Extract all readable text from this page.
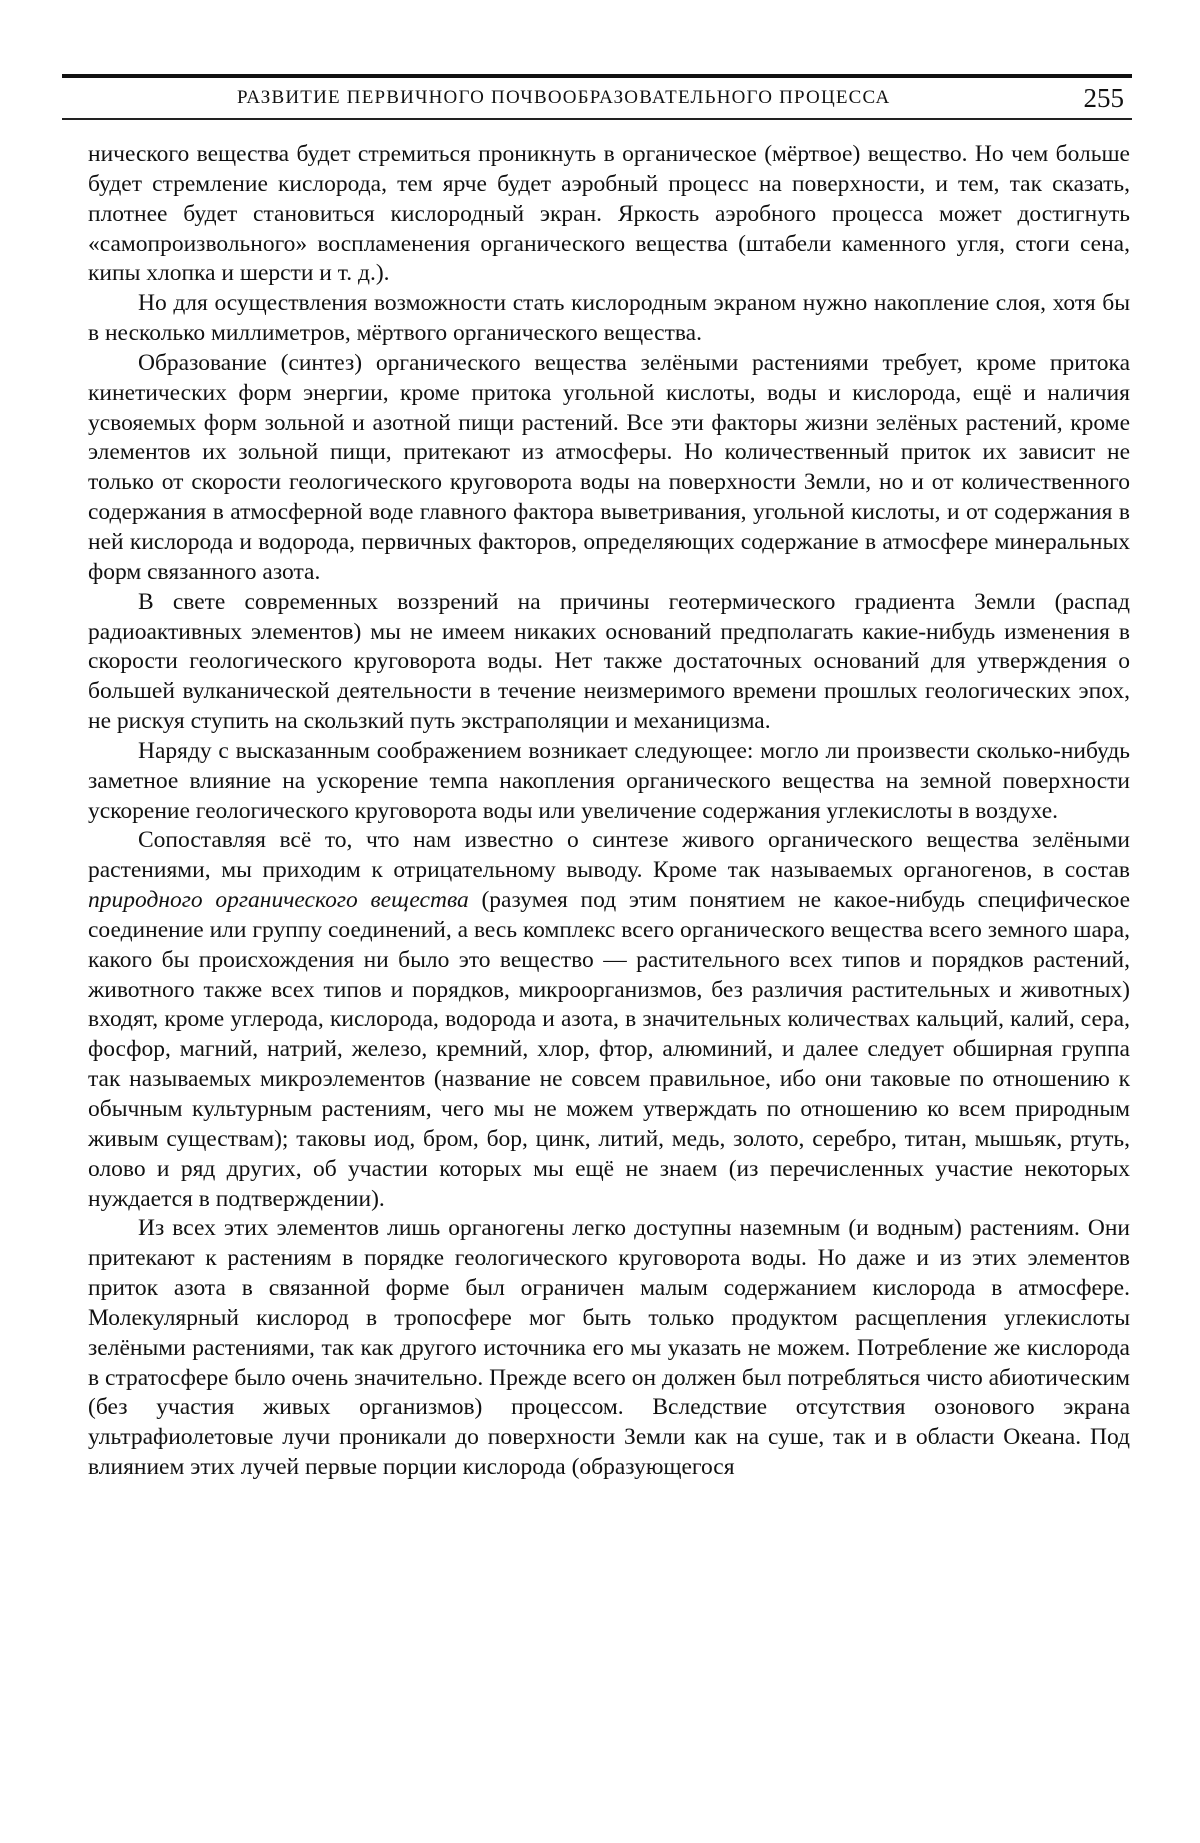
РАЗВИТИЕ ПЕРВИЧНОГО ПОЧВООБРАЗОВАТЕЛЬНОГО ПРОЦЕССА	255

нического вещества будет стремиться проникнуть в органическое (мёртвое) вещество. Но чем больше будет стремление кислорода, тем ярче будет аэробный процесс на поверхности, и тем, так сказать, плотнее будет становиться кислородный экран. Яркость аэробного процесса может достигнуть «самопроизвольного» воспламенения органического вещества (штабели каменного угля, стоги сена, кипы хлопка и шерсти и т. д.).

Но для осуществления возможности стать кислородным экраном нужно накопление слоя, хотя бы в несколько миллиметров, мёртвого органического вещества.

Образование (синтез) органического вещества зелёными растениями требует, кроме притока кинетических форм энергии, кроме притока угольной кислоты, воды и кислорода, ещё и наличия усвояемых форм зольной и азотной пищи растений. Все эти факторы жизни зелёных растений, кроме элементов их зольной пищи, притекают из атмосферы. Но количественный приток их зависит не только от скорости геологического круговорота воды на поверхности Земли, но и от количественного содержания в атмосферной воде главного фактора выветривания, угольной кислоты, и от содержания в ней кислорода и водорода, первичных факторов, определяющих содержание в атмосфере минеральных форм связанного азота.

В свете современных воззрений на причины геотермического градиента Земли (распад радиоактивных элементов) мы не имеем никаких оснований предполагать какие-нибудь изменения в скорости геологического круговорота воды. Нет также достаточных оснований для утверждения о большей вулканической деятельности в течение неизмеримого времени прошлых геологических эпох, не рискуя ступить на скользкий путь экстраполяции и механицизма.

Наряду с высказанным соображением возникает следующее: могло ли произвести сколько-нибудь заметное влияние на ускорение темпа накопления органического вещества на земной поверхности ускорение геологического круговорота воды или увеличение содержания углекислоты в воздухе.

Сопоставляя всё то, что нам известно о синтезе живого органического вещества зелёными растениями, мы приходим к отрицательному выводу. Кроме так называемых органогенов, в состав природного органического вещества (разумея под этим понятием не какое-нибудь специфическое соединение или группу соединений, а весь комплекс всего органического вещества всего земного шара, какого бы происхождения ни было это вещество — растительного всех типов и порядков растений, животного также всех типов и порядков, микроорганизмов, без различия растительных и животных) входят, кроме углерода, кислорода, водорода и азота, в значительных количествах кальций, калий, сера, фосфор, магний, натрий, железо, кремний, хлор, фтор, алюминий, и далее следует обширная группа так называемых микроэлементов (название не совсем правильное, ибо они таковые по отношению к обычным культурным растениям, чего мы не можем утверждать по отношению ко всем природным живым существам); таковы иод, бром, бор, цинк, литий, медь, золото, серебро, титан, мышьяк, ртуть, олово и ряд других, об участии которых мы ещё не знаем (из перечисленных участие некоторых нуждается в подтверждении).

Из всех этих элементов лишь органогены легко доступны наземным (и водным) растениям. Они притекают к растениям в порядке геологического круговорота воды. Но даже и из этих элементов приток азота в связанной форме был ограничен малым содержанием кислорода в атмосфере. Молекулярный кислород в тропосфере мог быть только продуктом расщепления углекислоты зелёными растениями, так как другого источника его мы указать не можем. Потребление же кислорода в стратосфере было очень значительно. Прежде всего он должен был потребляться чисто абиотическим (без участия живых организмов) процессом. Вследствие отсутствия озонового экрана ультрафиолетовые лучи проникали до поверхности Земли как на суше, так и в области Океана. Под влиянием этих лучей первые порции кислорода (образующегося
